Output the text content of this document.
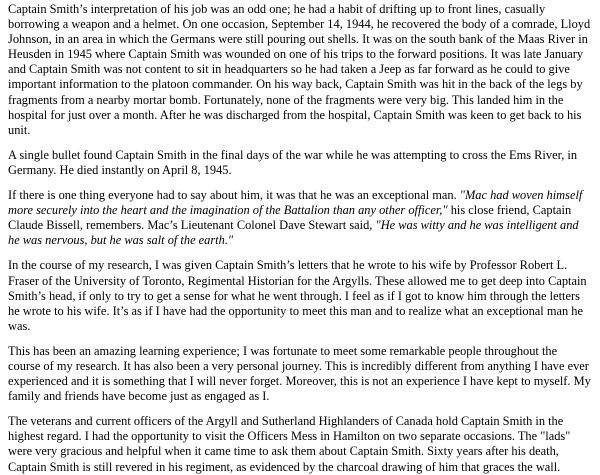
Captain Smith’s interpretation of his job was an odd one; he had a habit of drifting up to front lines, casually borrowing a weapon and a helmet. On one occasion, September 14, 1944, he recovered the body of a comrade, Lloyd Johnson, in an area in which the Germans were still pouring out shells. It was on the south bank of the Maas River in Heusden in 1945 where Captain Smith was wounded on one of his trips to the forward positions. It was late January and Captain Smith was not content to sit in headquarters so he had taken a Jeep as far forward as he could to give important information to the platoon commander. On his way back, Captain Smith was hit in the back of the legs by fragments from a nearby mortar bomb. Fortunately, none of the fragments were very big. This landed him in the hospital for just over a month. After he was discharged from the hospital, Captain Smith was keen to get back to his unit.

A single bullet found Captain Smith in the final days of the war while he was attempting to cross the Ems River, in Germany. He died instantly on April 8, 1945.

If there is one thing everyone had to say about him, it was that he was an exceptional man. "Mac had woven himself more securely into the heart and the imagination of the Battalion than any other officer," his close friend, Captain Claude Bissell, remembers. Mac’s Lieutenant Colonel Dave Stewart said, "He was witty and he was intelligent and he was nervous, but he was salt of the earth."

In the course of my research, I was given Captain Smith’s letters that he wrote to his wife by Professor Robert L. Fraser of the University of Toronto, Regimental Historian for the Argylls. These allowed me to get deep into Captain Smith’s head, if only to try to get a sense for what he went through. I feel as if I got to know him through the letters he wrote to his wife. It’s as if I have had the opportunity to meet this man and to realize what an exceptional man he was.

This has been an amazing learning experience; I was fortunate to meet some remarkable people throughout the course of my research. It has also been a very personal journey. This is incredibly different from anything I have ever experienced and it is something that I will never forget. Moreover, this is not an experience I have kept to myself. My family and friends have become just as engaged as I.

The veterans and current officers of the Argyll and Sutherland Highlanders of Canada hold Captain Smith in the highest regard. I had the opportunity to visit the Officers Mess in Hamilton on two separate occasions. The "lads" were very gracious and helpful when it came time to ask them about Captain Smith. Sixty years after his death, Captain Smith is still revered in his regiment, as evidenced by the charcoal drawing of him that graces the wall.
